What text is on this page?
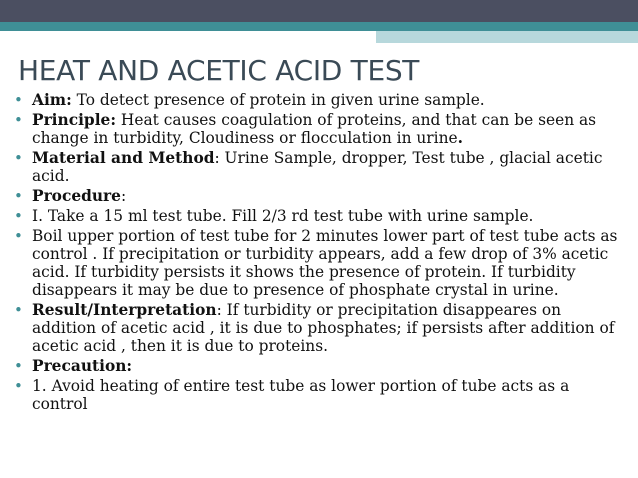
HEAT AND ACETIC ACID TEST
• Aim: To detect presence of protein in given urine sample.
• Principle: Heat causes coagulation of proteins, and that can be seen as change in turbidity, Cloudiness or flocculation in urine.
• Material and Method: Urine Sample, dropper, Test tube , glacial acetic acid.
• Procedure:
• I. Take a 15 ml test tube. Fill 2/3 rd test tube with urine sample.
• Boil upper portion of test tube for 2 minutes lower part of test tube acts as control . If precipitation or turbidity appears, add a few drop of 3% acetic acid. If turbidity persists it shows the presence of protein. If turbidity disappears it may be due to presence of phosphate crystal in urine.
• Result/Interpretation: If turbidity or precipitation disappeares on addition of acetic acid , it is due to phosphates; if persists after addition of acetic acid , then it is due to proteins.
• Precaution:
• 1. Avoid heating of entire test tube as lower portion of tube acts as a control
